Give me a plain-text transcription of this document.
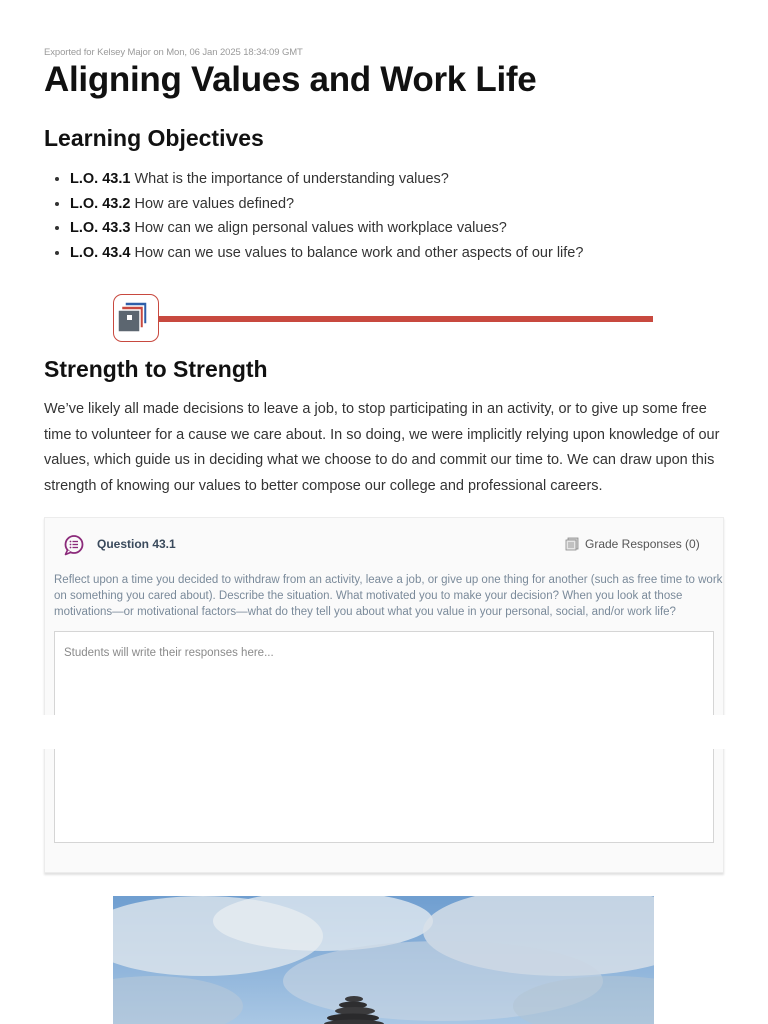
Exported for Kelsey Major on Mon, 06 Jan 2025 18:34:09 GMT
Aligning Values and Work Life
Learning Objectives
• L.O. 43.1 What is the importance of understanding values?
• L.O. 43.2 How are values defined?
• L.O. 43.3 How can we align personal values with workplace values?
• L.O. 43.4 How can we use values to balance work and other aspects of our life?
Strength to Strength

We’ve likely all made decisions to leave a job, to stop participating in an activity, or to give up some free time to volunteer for a cause we care about. In so doing, we were implicitly relying upon knowledge of our values, which guide us in deciding what we choose to do and commit our time to. We can draw upon this strength of knowing our values to better compose our college and professional careers.

Question 43.1	Grade Responses (0)

Reflect upon a time you decided to withdraw from an activity, leave a job, or give up one thing for another (such as free time to work on something you cared about). Describe the situation. What motivated you to make your decision? When you look at those motivations—or motivational factors—what do they tell you about what you value in your personal, social, and/or work life?

Students will write their responses here...
